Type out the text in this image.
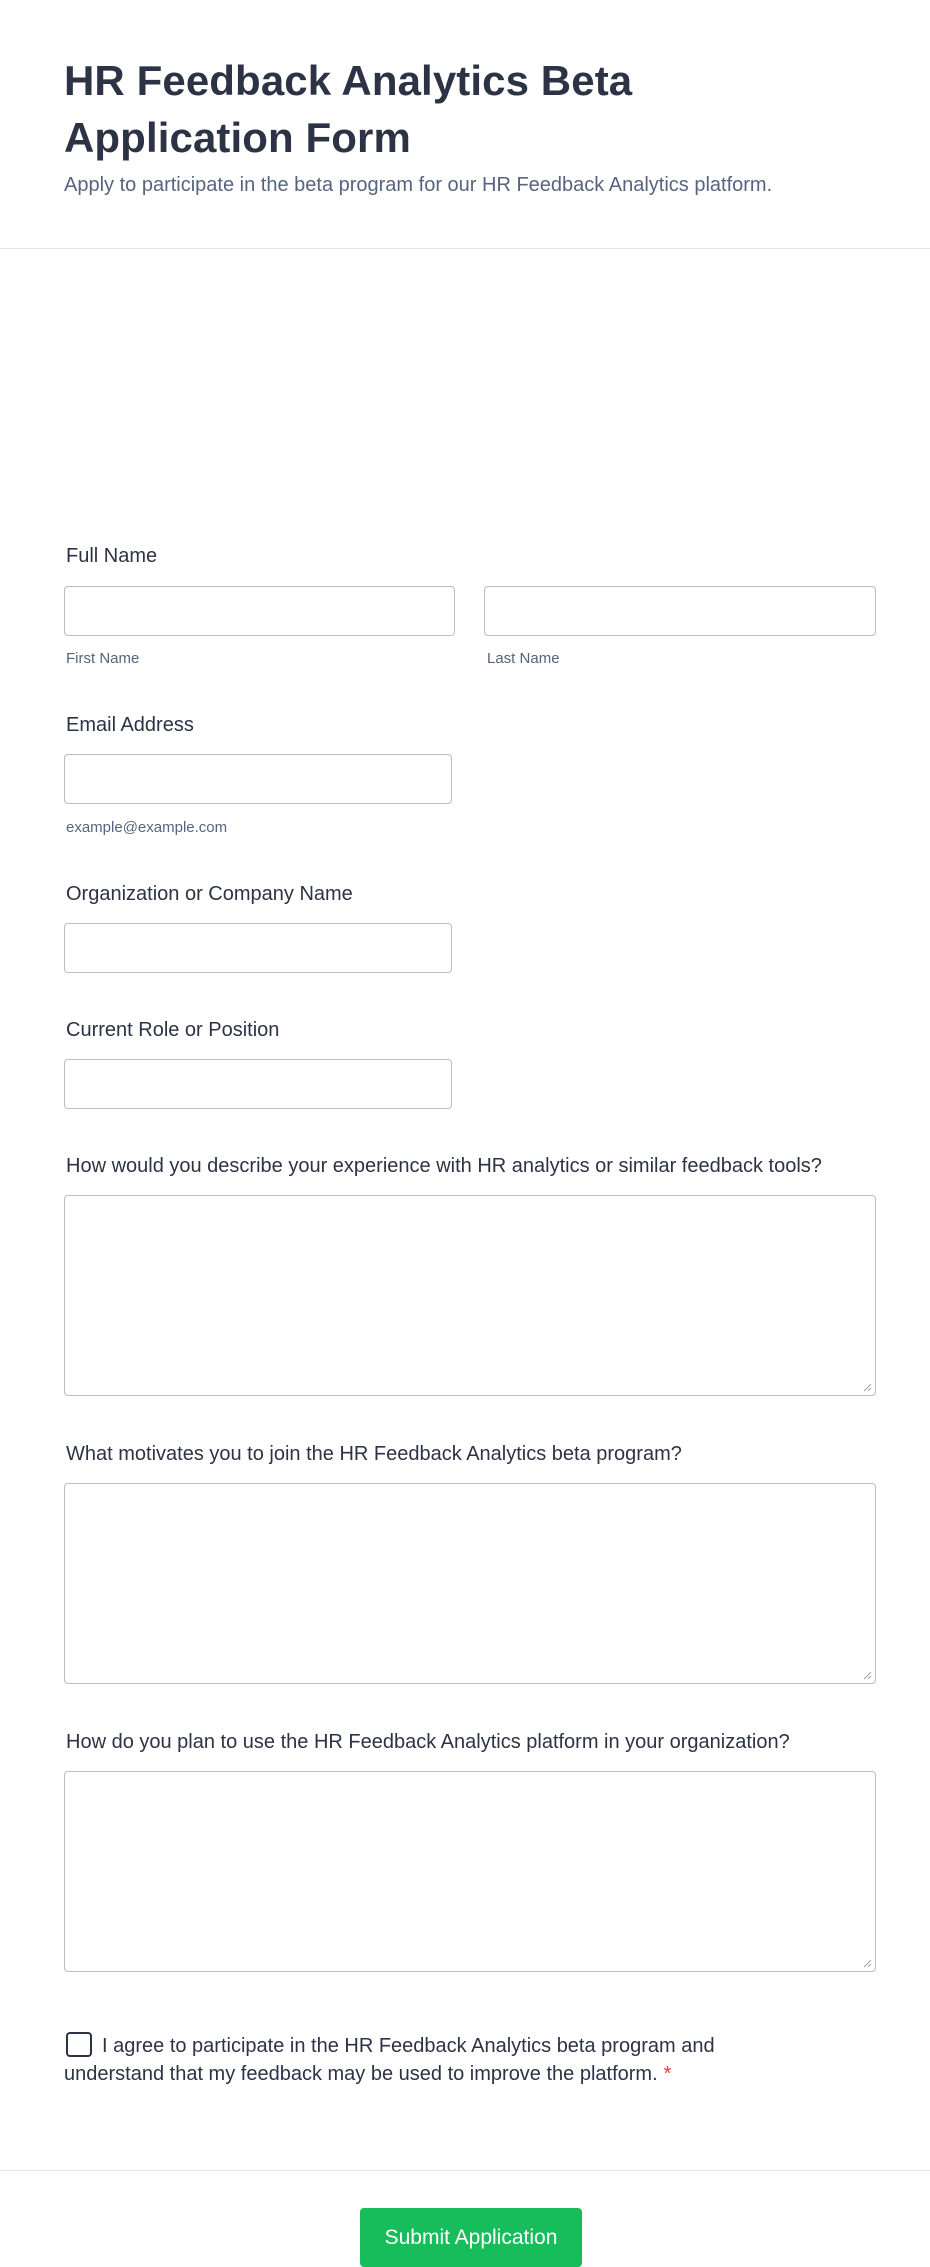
HR Feedback Analytics Beta Application Form

Apply to participate in the beta program for our HR Feedback Analytics platform.

Full Name
First Name	Last Name
Email Address
example@example.com
Organization or Company Name
Current Role or Position
How would you describe your experience with HR analytics or similar feedback tools?
What motivates you to join the HR Feedback Analytics beta program?
How do you plan to use the HR Feedback Analytics platform in your organization?
I agree to participate in the HR Feedback Analytics beta program and understand that my feedback may be used to improve the platform. *
Submit Application
